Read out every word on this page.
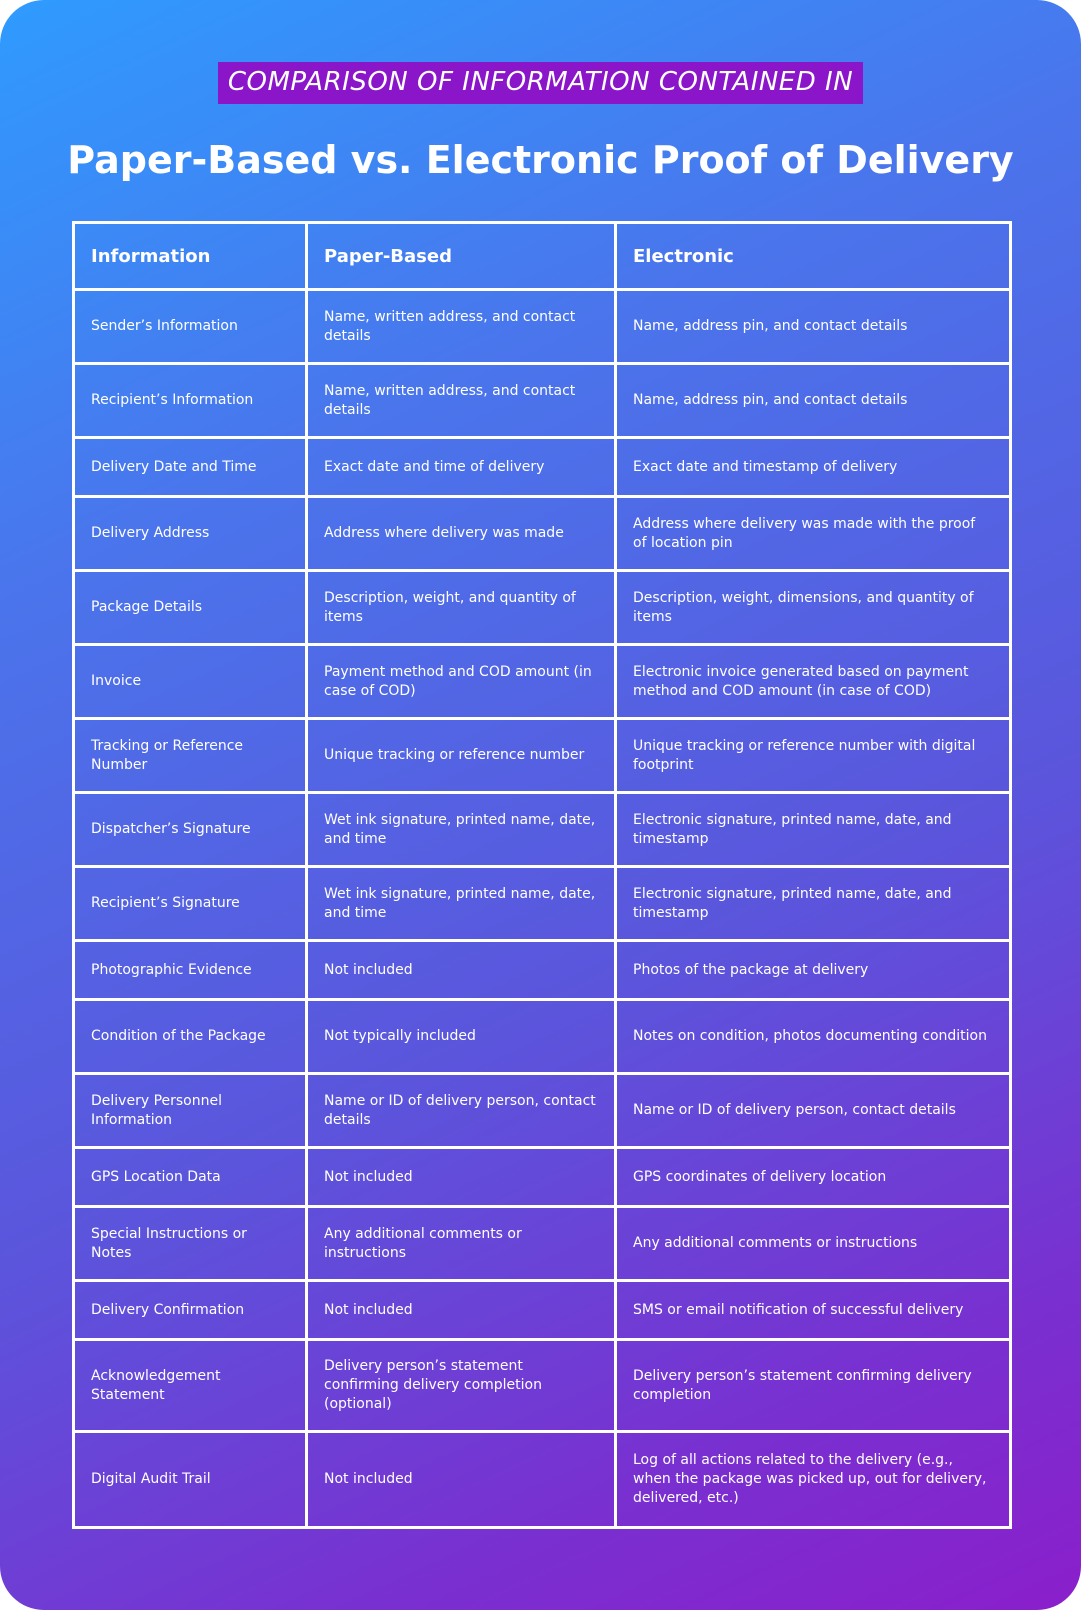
COMPARISON OF INFORMATION CONTAINED IN
Paper-Based vs. Electronic Proof of Delivery
Information	Paper-Based	Electronic
Sender’s Information	Name, written address, and contact details	Name, address pin, and contact details
Recipient’s Information	Name, written address, and contact details	Name, address pin, and contact details
Delivery Date and Time	Exact date and time of delivery	Exact date and timestamp of delivery
Delivery Address	Address where delivery was made	Address where delivery was made with the proof of location pin
Package Details	Description, weight, and quantity of items	Description, weight, dimensions, and quantity of items
Invoice	Payment method and COD amount (in case of COD)	Electronic invoice generated based on payment method and COD amount (in case of COD)
Tracking or Reference Number	Unique tracking or reference number	Unique tracking or reference number with digital footprint
Dispatcher’s Signature	Wet ink signature, printed name, date, and time	Electronic signature, printed name, date, and timestamp
Recipient’s Signature	Wet ink signature, printed name, date, and time	Electronic signature, printed name, date, and timestamp
Photographic Evidence	Not included	Photos of the package at delivery
Condition of the Package	Not typically included	Notes on condition, photos documenting condition
Delivery Personnel Information	Name or ID of delivery person, contact details	Name or ID of delivery person, contact details
GPS Location Data	Not included	GPS coordinates of delivery location
Special Instructions or Notes	Any additional comments or instructions	Any additional comments or instructions
Delivery Confirmation	Not included	SMS or email notification of successful delivery
Acknowledgement Statement	Delivery person’s statement confirming delivery completion (optional)	Delivery person’s statement confirming delivery completion
Digital Audit Trail	Not included	Log of all actions related to the delivery (e.g., when the package was picked up, out for delivery, delivered, etc.)
